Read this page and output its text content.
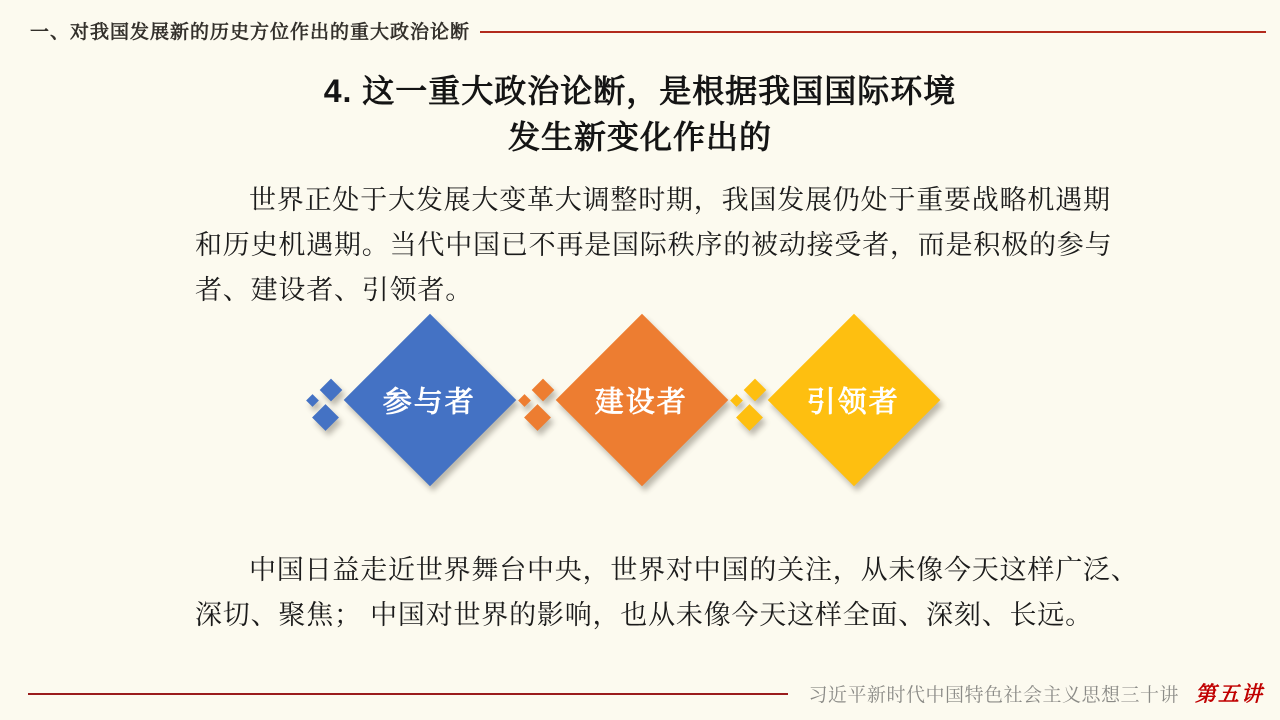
一、对我国发展新的历史方位作出的重大政治论断
4. 这一重大政治论断，是根据我国国际环境
发生新变化作出的
世界正处于大发展大变革大调整时期，我国发展仍处于重要战略机遇期
和历史机遇期。当代中国已不再是国际秩序的被动接受者，而是积极的参与
者、建设者、引领者。
参与者	建设者	引领者
中国日益走近世界舞台中央，世界对中国的关注，从未像今天这样广泛、
深切、聚焦； 中国对世界的影响，也从未像今天这样全面、深刻、长远。
习近平新时代中国特色社会主义思想三十讲 第五讲
